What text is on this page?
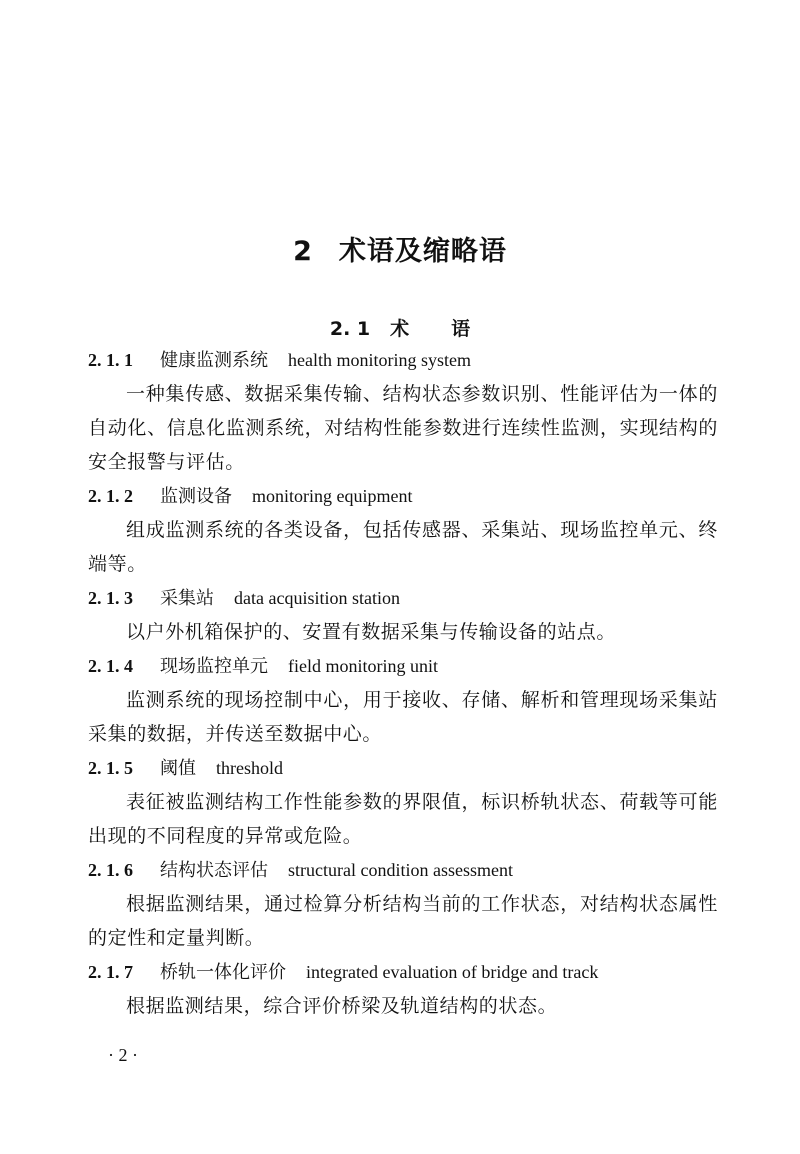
2 术语及缩略语
2. 1 术 语
2. 1. 1 健康监测系统 health monitoring system

一种集传感、数据采集传输、结构状态参数识别、性能评估为一体的自动化、信息化监测系统，对结构性能参数进行连续性监测，实现结构的安全报警与评估。

2. 1. 2 监测设备 monitoring equipment

组成监测系统的各类设备，包括传感器、采集站、现场监控单元、终端等。

2. 1. 3 采集站 data acquisition station

以户外机箱保护的、安置有数据采集与传输设备的站点。

2. 1. 4 现场监控单元 field monitoring unit

监测系统的现场控制中心，用于接收、存储、解析和管理现场采集站采集的数据，并传送至数据中心。

2. 1. 5 阈值 threshold

表征被监测结构工作性能参数的界限值，标识桥轨状态、荷载等可能出现的不同程度的异常或危险。

2. 1. 6 结构状态评估 structural condition assessment

根据监测结果，通过检算分析结构当前的工作状态，对结构状态属性的定性和定量判断。

2. 1. 7 桥轨一体化评价 integrated evaluation of bridge and track

根据监测结果，综合评价桥梁及轨道结构的状态。

· 2 ·
